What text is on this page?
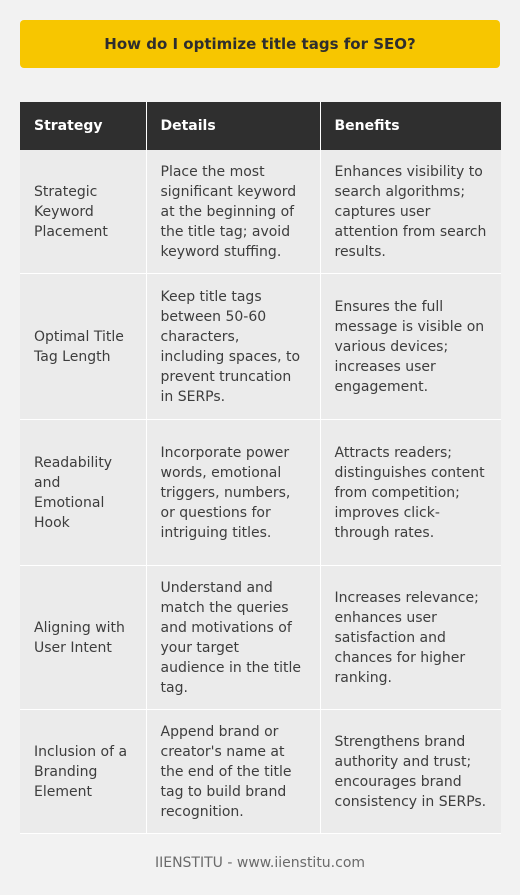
How do I optimize title tags for SEO?
Strategy	Details	Benefits
Strategic Keyword Placement	Place the most significant keyword at the beginning of the title tag; avoid keyword stuffing.	Enhances visibility to search algorithms; captures user attention from search results.
Optimal Title Tag Length	Keep title tags between 50-60 characters, including spaces, to prevent truncation in SERPs.	Ensures the full message is visible on various devices; increases user engagement.
Readability and Emotional Hook	Incorporate power words, emotional triggers, numbers, or questions for intriguing titles.	Attracts readers; distinguishes content from competition; improves click-through rates.
Aligning with User Intent	Understand and match the queries and motivations of your target audience in the title tag.	Increases relevance; enhances user satisfaction and chances for higher ranking.
Inclusion of a Branding Element	Append brand or creator's name at the end of the title tag to build brand recognition.	Strengthens brand authority and trust; encourages brand consistency in SERPs.
IIENSTITU - www.iienstitu.com
